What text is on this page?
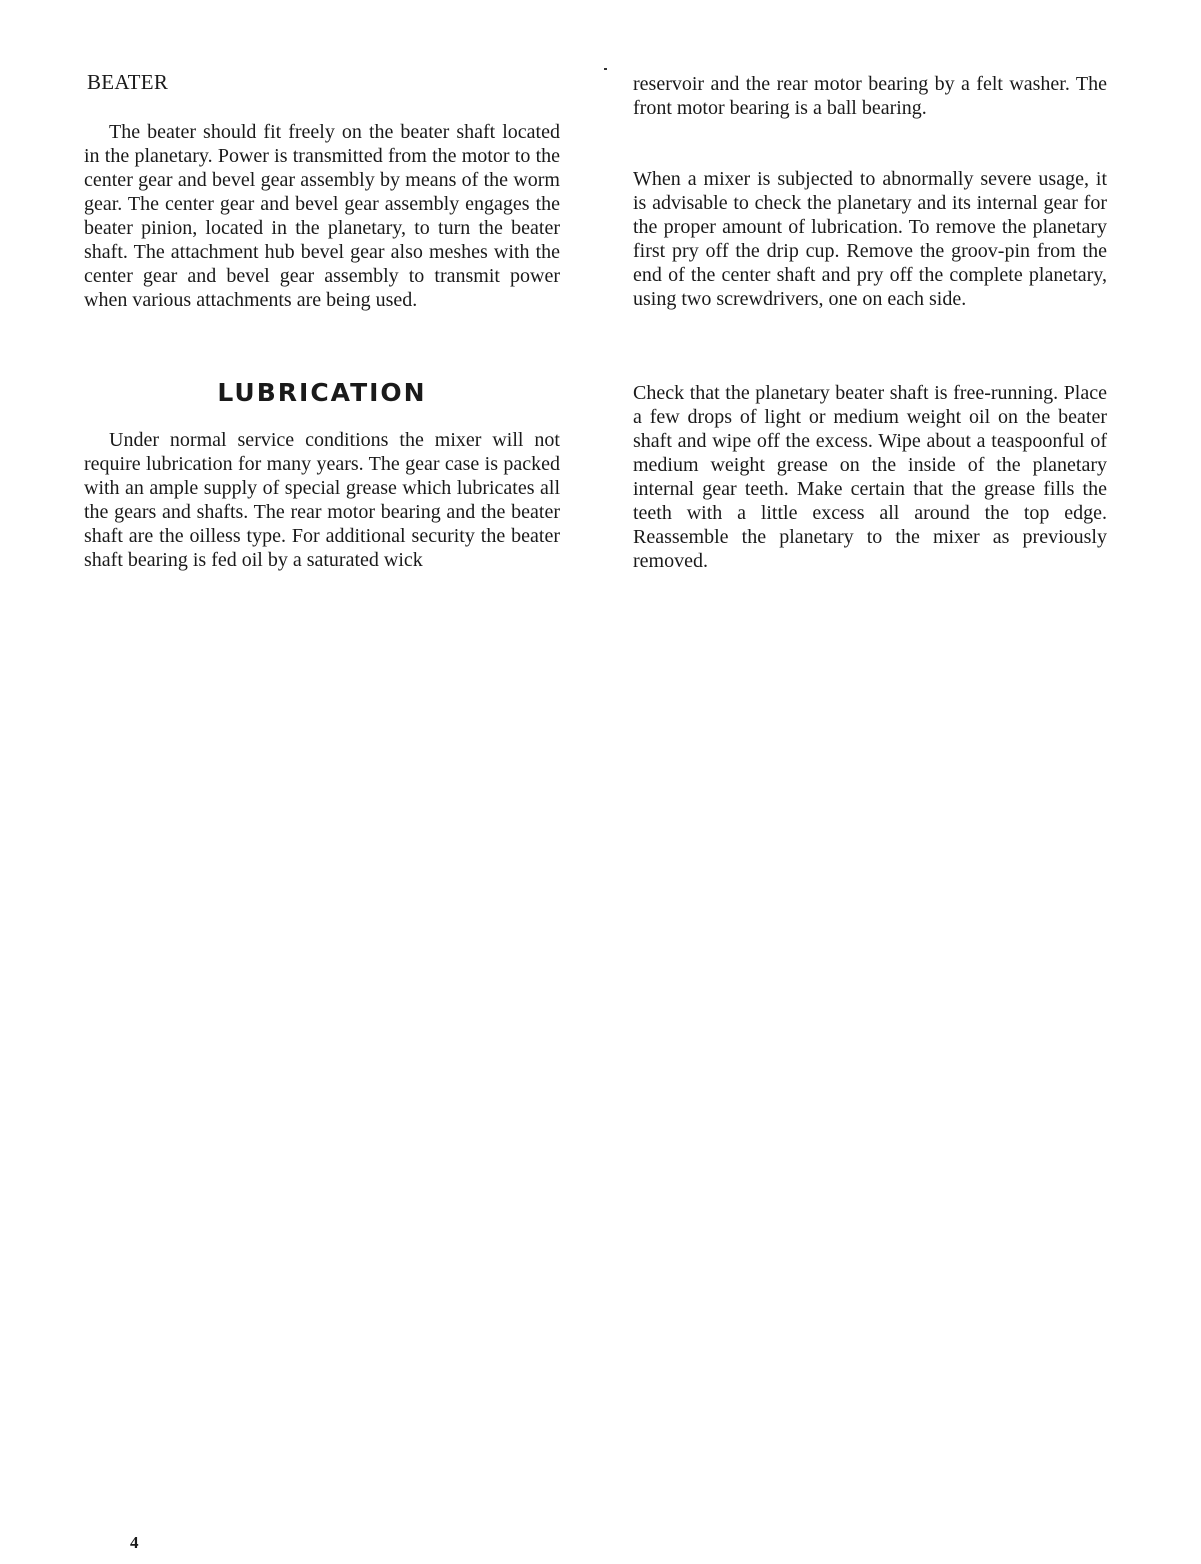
BEATER

The beater should fit freely on the beater shaft located in the planetary. Power is transmitted from the motor to the center gear and bevel gear assembly by means of the worm gear. The center gear and bevel gear assembly engages the beater pinion, located in the planetary, to turn the beater shaft. The attachment hub bevel gear also meshes with the center gear and bevel gear assembly to transmit power when various attachments are being used.

LUBRICATION

Under normal service conditions the mixer will not require lubrication for many years. The gear case is packed with an ample supply of special grease which lubricates all the gears and shafts. The rear motor bearing and the beater shaft are the oilless type. For additional security the beater shaft bearing is fed oil by a saturated wick

reservoir and the rear motor bearing by a felt washer. The front motor bearing is a ball bearing.

When a mixer is subjected to abnormally severe usage, it is advisable to check the planetary and its internal gear for the proper amount of lubrication. To remove the planetary first pry off the drip cup. Remove the groov-pin from the end of the center shaft and pry off the complete planetary, using two screwdrivers, one on each side.

Check that the planetary beater shaft is free-running. Place a few drops of light or medium weight oil on the beater shaft and wipe off the excess. Wipe about a teaspoonful of medium weight grease on the inside of the planetary internal gear teeth. Make certain that the grease fills the teeth with a little excess all around the top edge. Reassemble the planetary to the mixer as previously removed.

4
